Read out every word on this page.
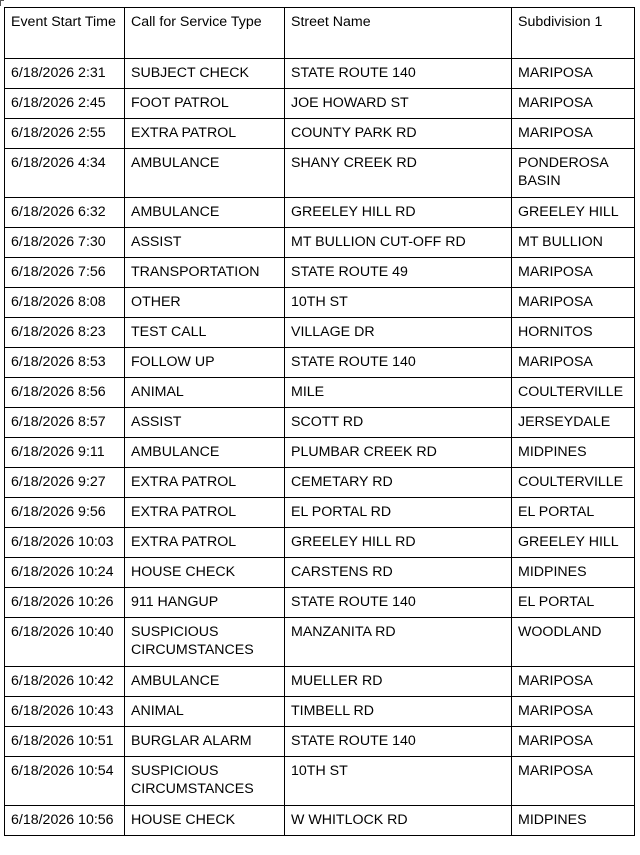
Event Start Time	Call for Service Type	Street Name	Subdivision 1
6/18/2026 2:31	SUBJECT CHECK	STATE ROUTE 140	MARIPOSA
6/18/2026 2:45	FOOT PATROL	JOE HOWARD ST	MARIPOSA
6/18/2026 2:55	EXTRA PATROL	COUNTY PARK RD	MARIPOSA
6/18/2026 4:34	AMBULANCE	SHANY CREEK RD	PONDEROSA BASIN
6/18/2026 6:32	AMBULANCE	GREELEY HILL RD	GREELEY HILL
6/18/2026 7:30	ASSIST	MT BULLION CUT-OFF RD	MT BULLION
6/18/2026 7:56	TRANSPORTATION	STATE ROUTE 49	MARIPOSA
6/18/2026 8:08	OTHER	10TH ST	MARIPOSA
6/18/2026 8:23	TEST CALL	VILLAGE DR	HORNITOS
6/18/2026 8:53	FOLLOW UP	STATE ROUTE 140	MARIPOSA
6/18/2026 8:56	ANIMAL	MILE	COULTERVILLE
6/18/2026 8:57	ASSIST	SCOTT RD	JERSEYDALE
6/18/2026 9:11	AMBULANCE	PLUMBAR CREEK RD	MIDPINES
6/18/2026 9:27	EXTRA PATROL	CEMETARY RD	COULTERVILLE
6/18/2026 9:56	EXTRA PATROL	EL PORTAL RD	EL PORTAL
6/18/2026 10:03	EXTRA PATROL	GREELEY HILL RD	GREELEY HILL
6/18/2026 10:24	HOUSE CHECK	CARSTENS RD	MIDPINES
6/18/2026 10:26	911 HANGUP	STATE ROUTE 140	EL PORTAL
6/18/2026 10:40	SUSPICIOUS CIRCUMSTANCES	MANZANITA RD	WOODLAND
6/18/2026 10:42	AMBULANCE	MUELLER RD	MARIPOSA
6/18/2026 10:43	ANIMAL	TIMBELL RD	MARIPOSA
6/18/2026 10:51	BURGLAR ALARM	STATE ROUTE 140	MARIPOSA
6/18/2026 10:54	SUSPICIOUS CIRCUMSTANCES	10TH ST	MARIPOSA
6/18/2026 10:56	HOUSE CHECK	W WHITLOCK RD	MIDPINES
